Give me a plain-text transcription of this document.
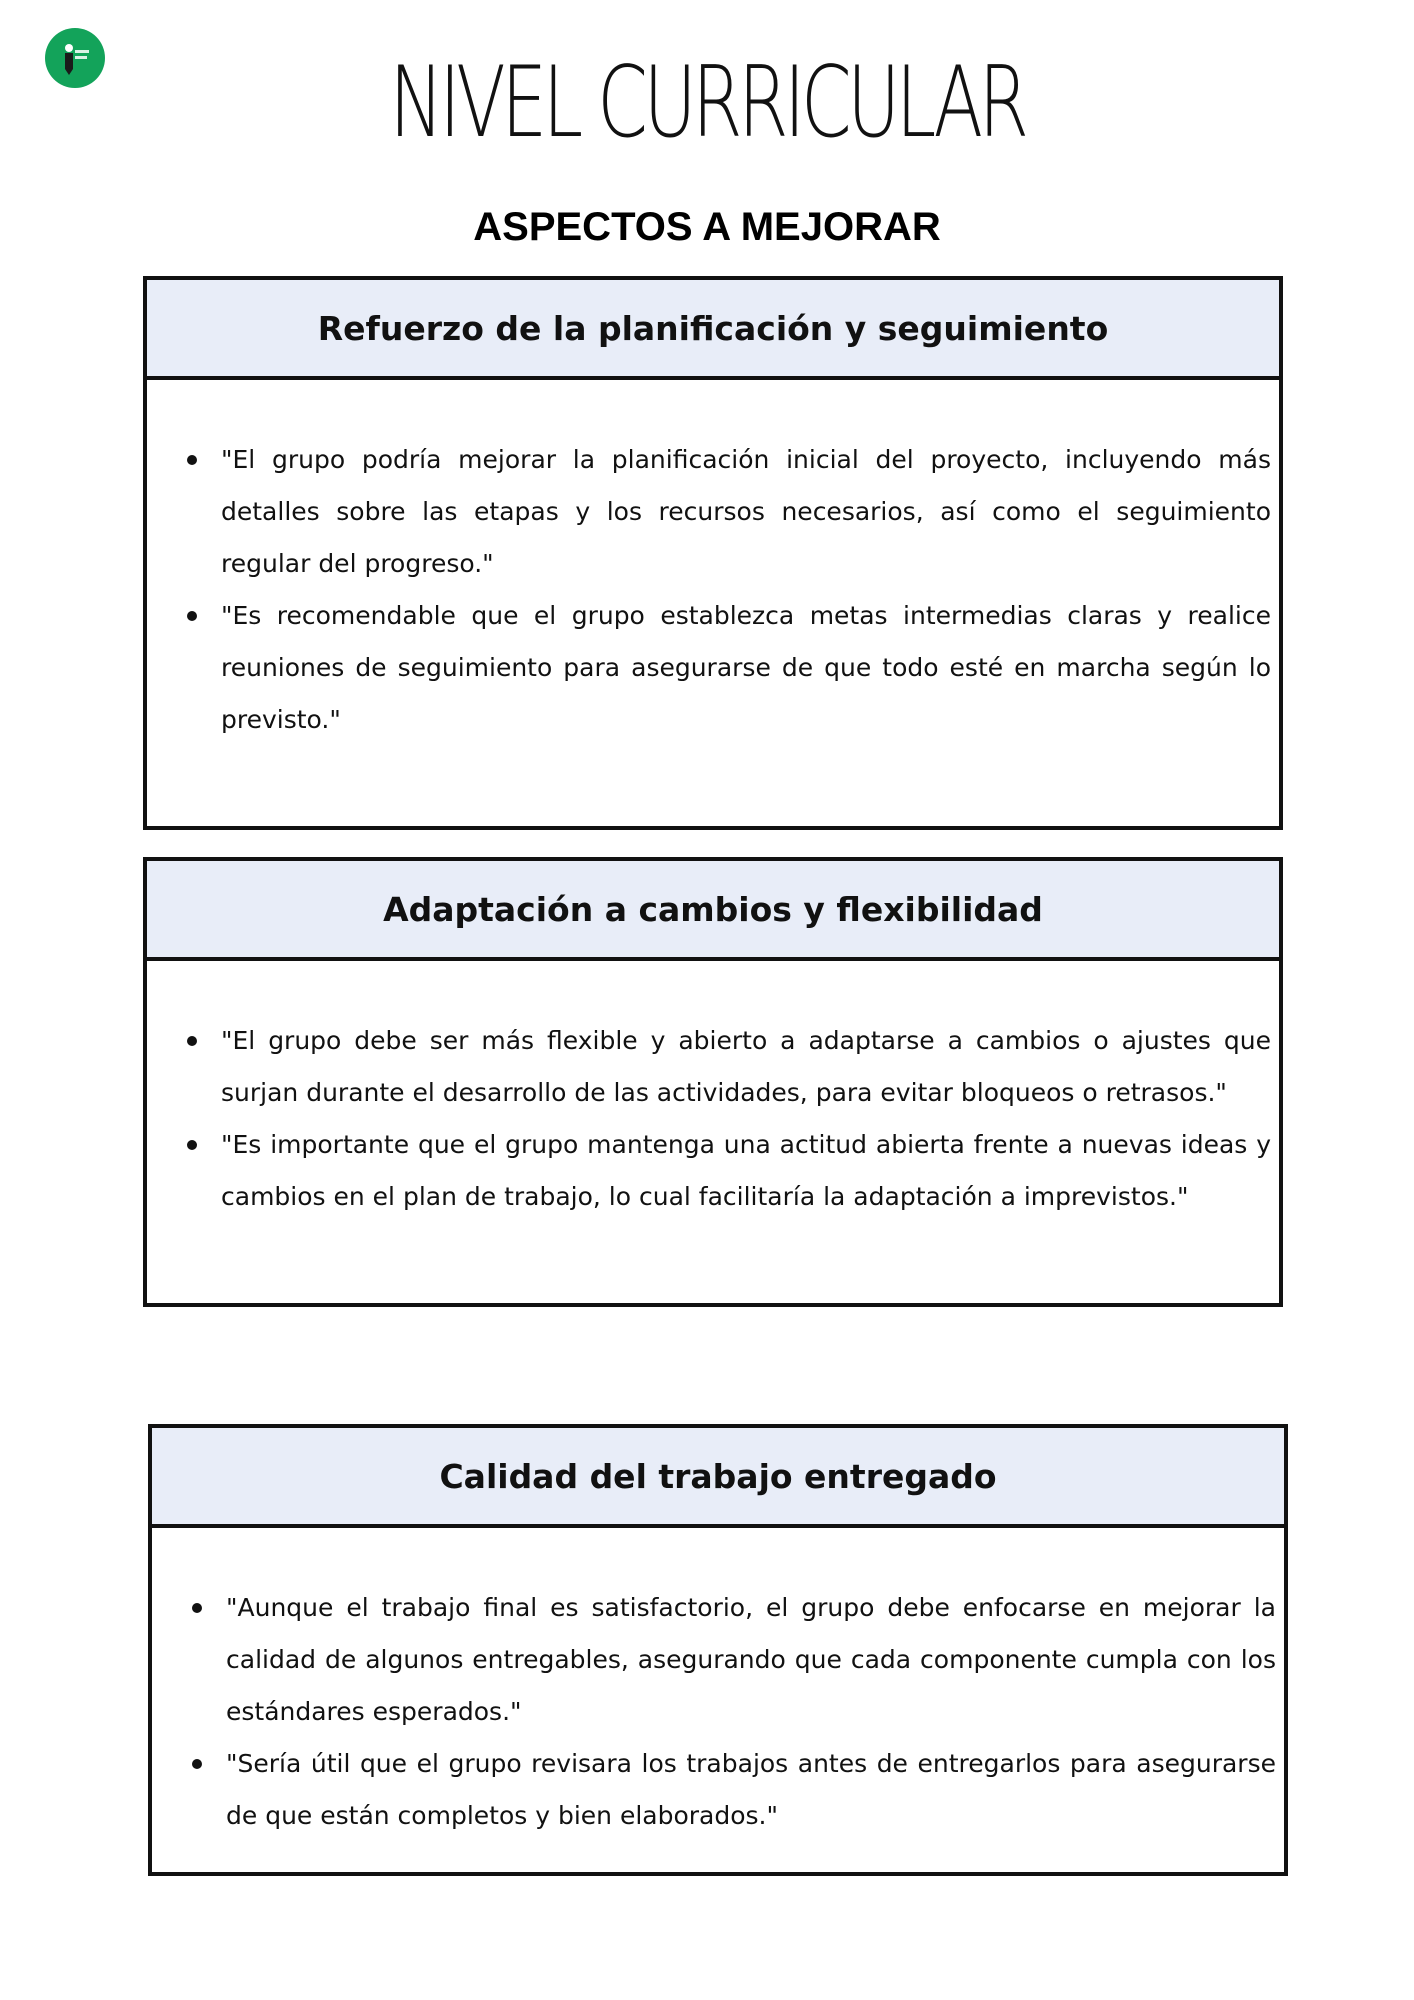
NIVEL CURRICULAR
ASPECTOS A MEJORAR
Refuerzo de la planificación y seguimiento
"El grupo podría mejorar la planificación inicial del proyecto, incluyendo más detalles sobre las etapas y los recursos necesarios, así como el seguimiento regular del progreso."
"Es recomendable que el grupo establezca metas intermedias claras y realice reuniones de seguimiento para asegurarse de que todo esté en marcha según lo previsto."
Adaptación a cambios y flexibilidad
"El grupo debe ser más flexible y abierto a adaptarse a cambios o ajustes que surjan durante el desarrollo de las actividades, para evitar bloqueos o retrasos."
"Es importante que el grupo mantenga una actitud abierta frente a nuevas ideas y cambios en el plan de trabajo, lo cual facilitaría la adaptación a imprevistos."
Calidad del trabajo entregado
"Aunque el trabajo final es satisfactorio, el grupo debe enfocarse en mejorar la calidad de algunos entregables, asegurando que cada componente cumpla con los estándares esperados."
"Sería útil que el grupo revisara los trabajos antes de entregarlos para asegurarse de que están completos y bien elaborados."
